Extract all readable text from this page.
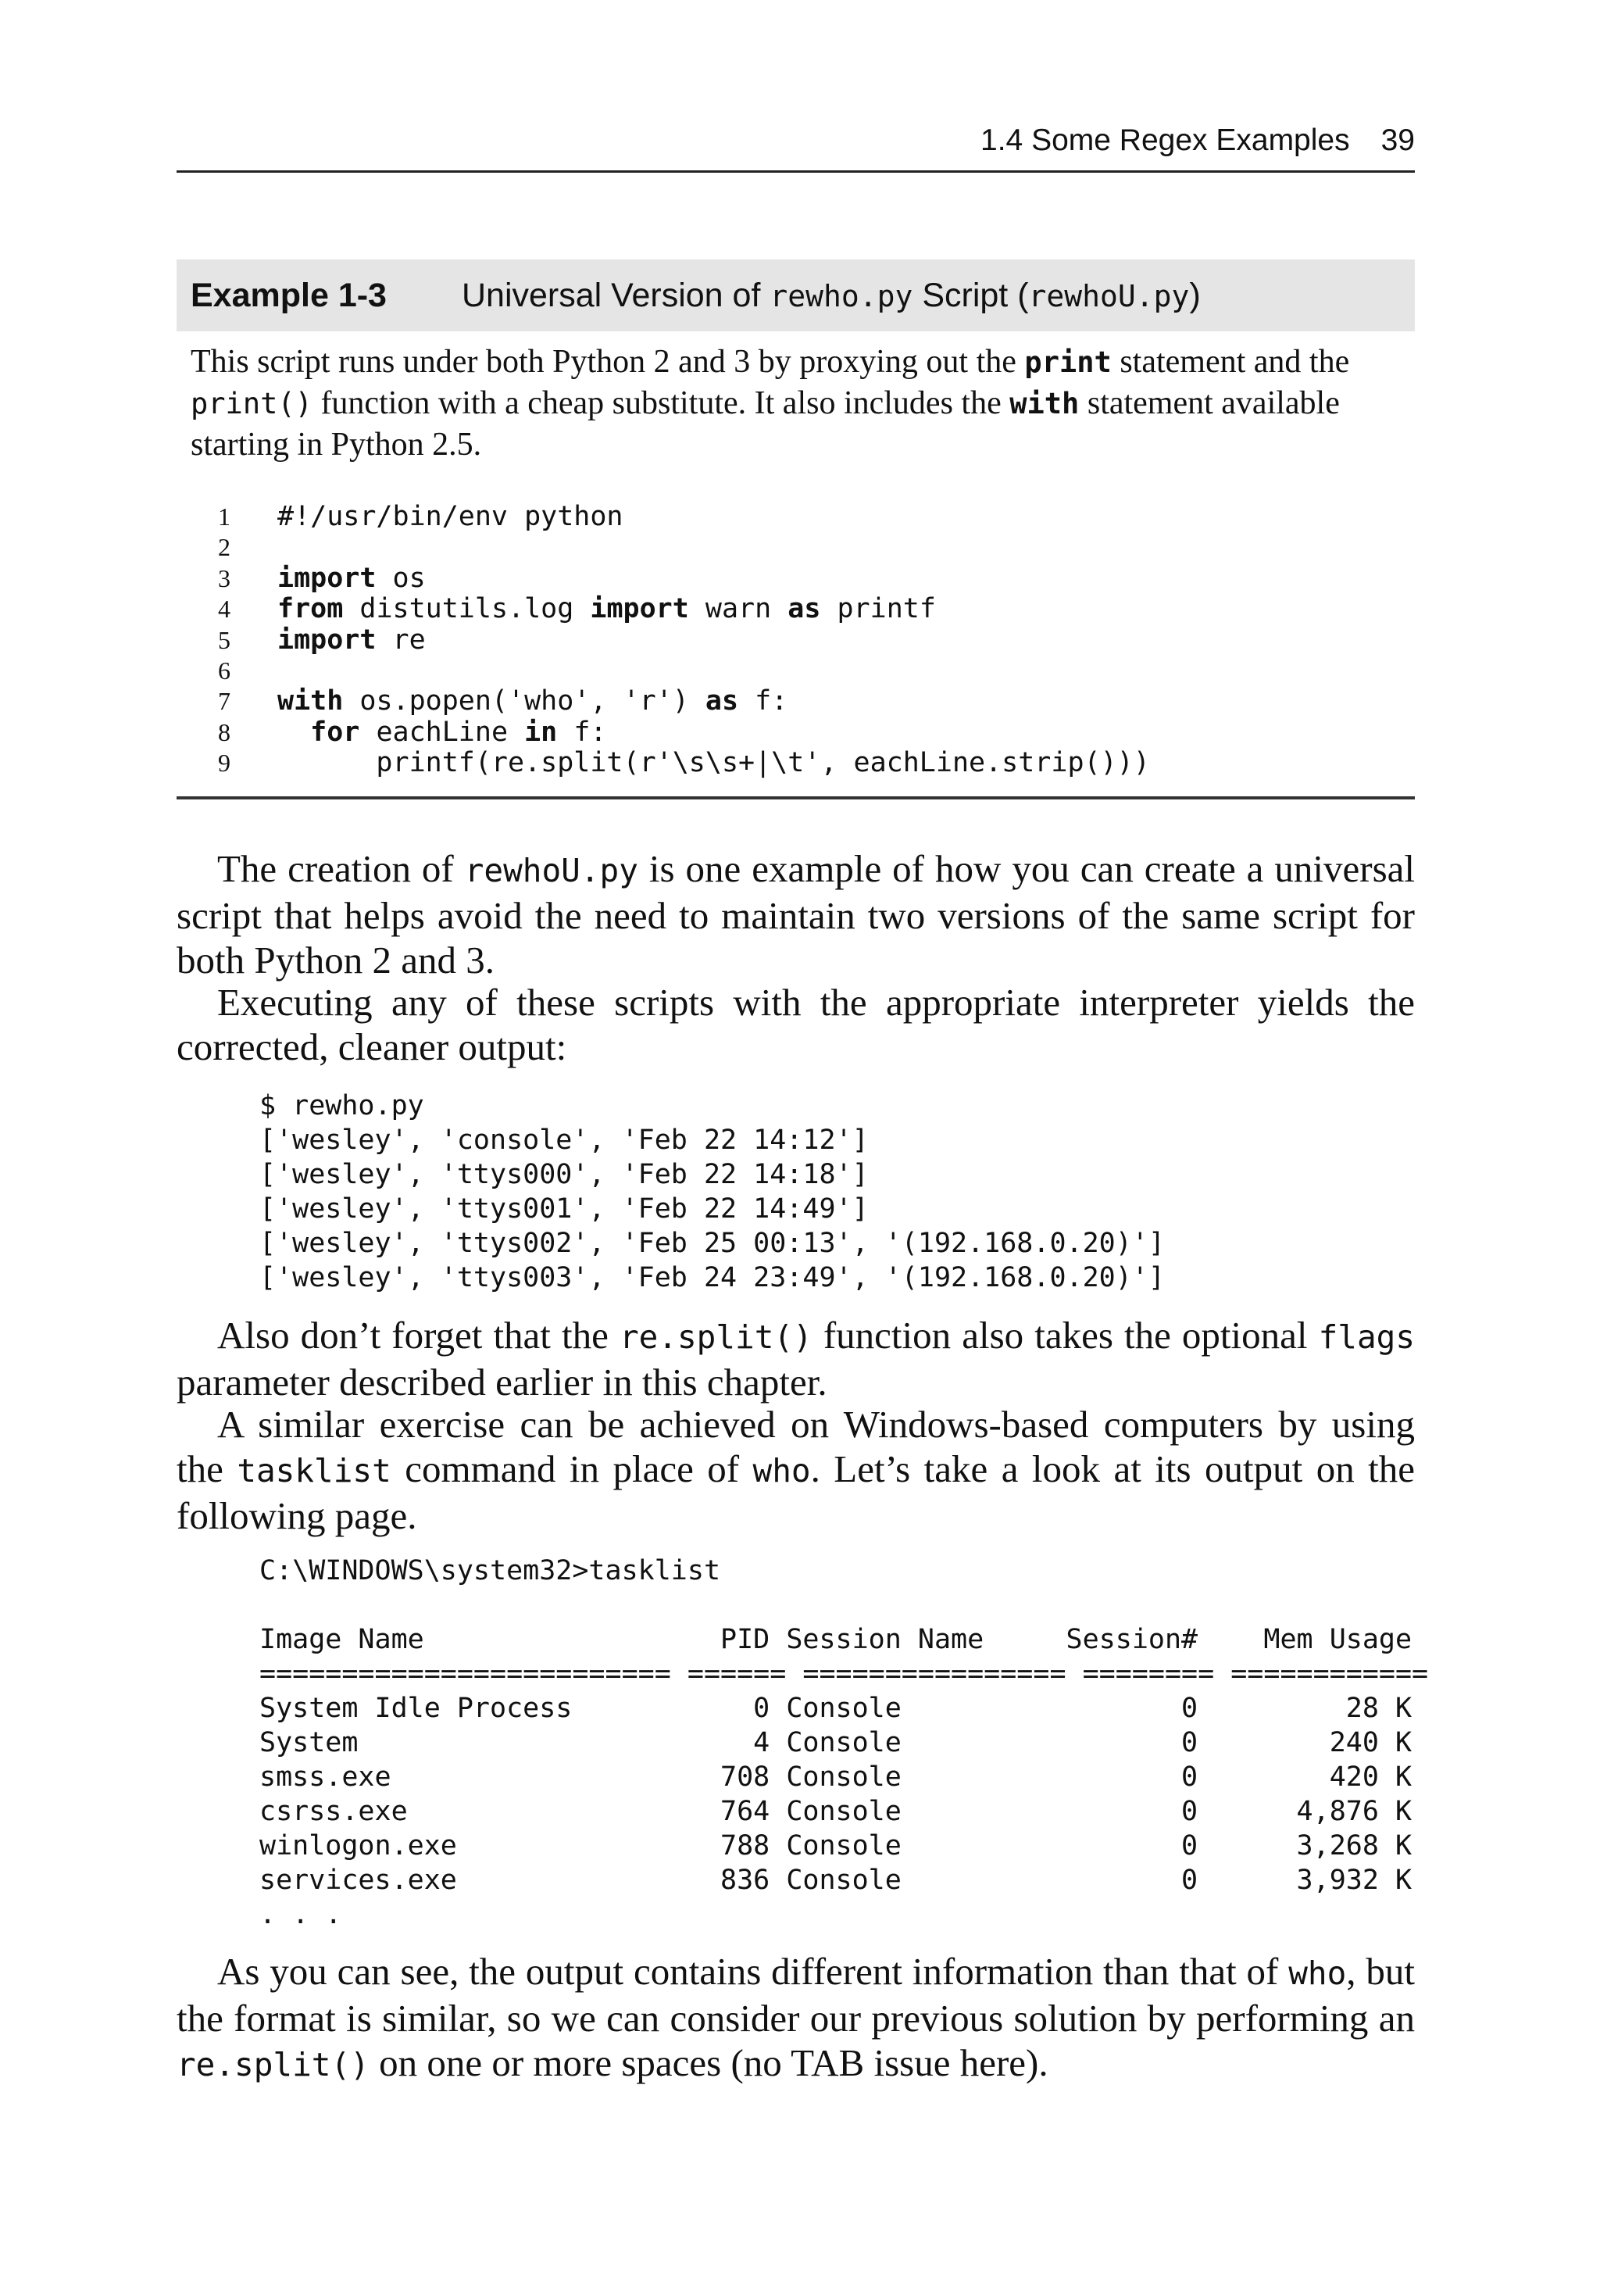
1.4 Some Regex Examples 39
Example 1-3 Universal Version of rewho.py Script (rewhoU.py)
This script runs under both Python 2 and 3 by proxying out the print statement and the print() function with a cheap substitute. It also includes the with statement available starting in Python 2.5.
1 #!/usr/bin/env python
2
3 import os
4 from distutils.log import warn as printf
5 import re
6
7 with os.popen('who', 'r') as f:
8	for eachLine in f:
9 printf(re.split(r'\s\s+|\t', eachLine.strip()))

The creation of rewhoU.py is one example of how you can create a universal script that helps avoid the need to maintain two versions of the same script for both Python 2 and 3.

Executing any of these scripts with the appropriate interpreter yields the corrected, cleaner output:

$ rewho.py
['wesley', 'console', 'Feb 22 14:12']
['wesley', 'ttys000', 'Feb 22 14:18']
['wesley', 'ttys001', 'Feb 22 14:49']
['wesley', 'ttys002', 'Feb 25 00:13', '(192.168.0.20)']
['wesley', 'ttys003', 'Feb 24 23:49', '(192.168.0.20)']

Also don’t forget that the re.split() function also takes the optional flags parameter described earlier in this chapter.

A similar exercise can be achieved on Windows-based computers by using the tasklist command in place of who. Let’s take a look at its output on the following page.

C:\WINDOWS\system32>tasklist

Image Name                  PID Session Name     Session#    Mem Usage
========================= ====== ================ ======== ============
System Idle Process           0 Console                 0         28 K
System                        4 Console                 0        240 K
smss.exe                    708 Console                 0        420 K
csrss.exe                   764 Console                 0      4,876 K
winlogon.exe                788 Console                 0      3,268 K
services.exe                836 Console                 0      3,932 K
. . .

As you can see, the output contains different information than that of who, but the format is similar, so we can consider our previous solution by performing an re.split() on one or more spaces (no TAB issue here).
